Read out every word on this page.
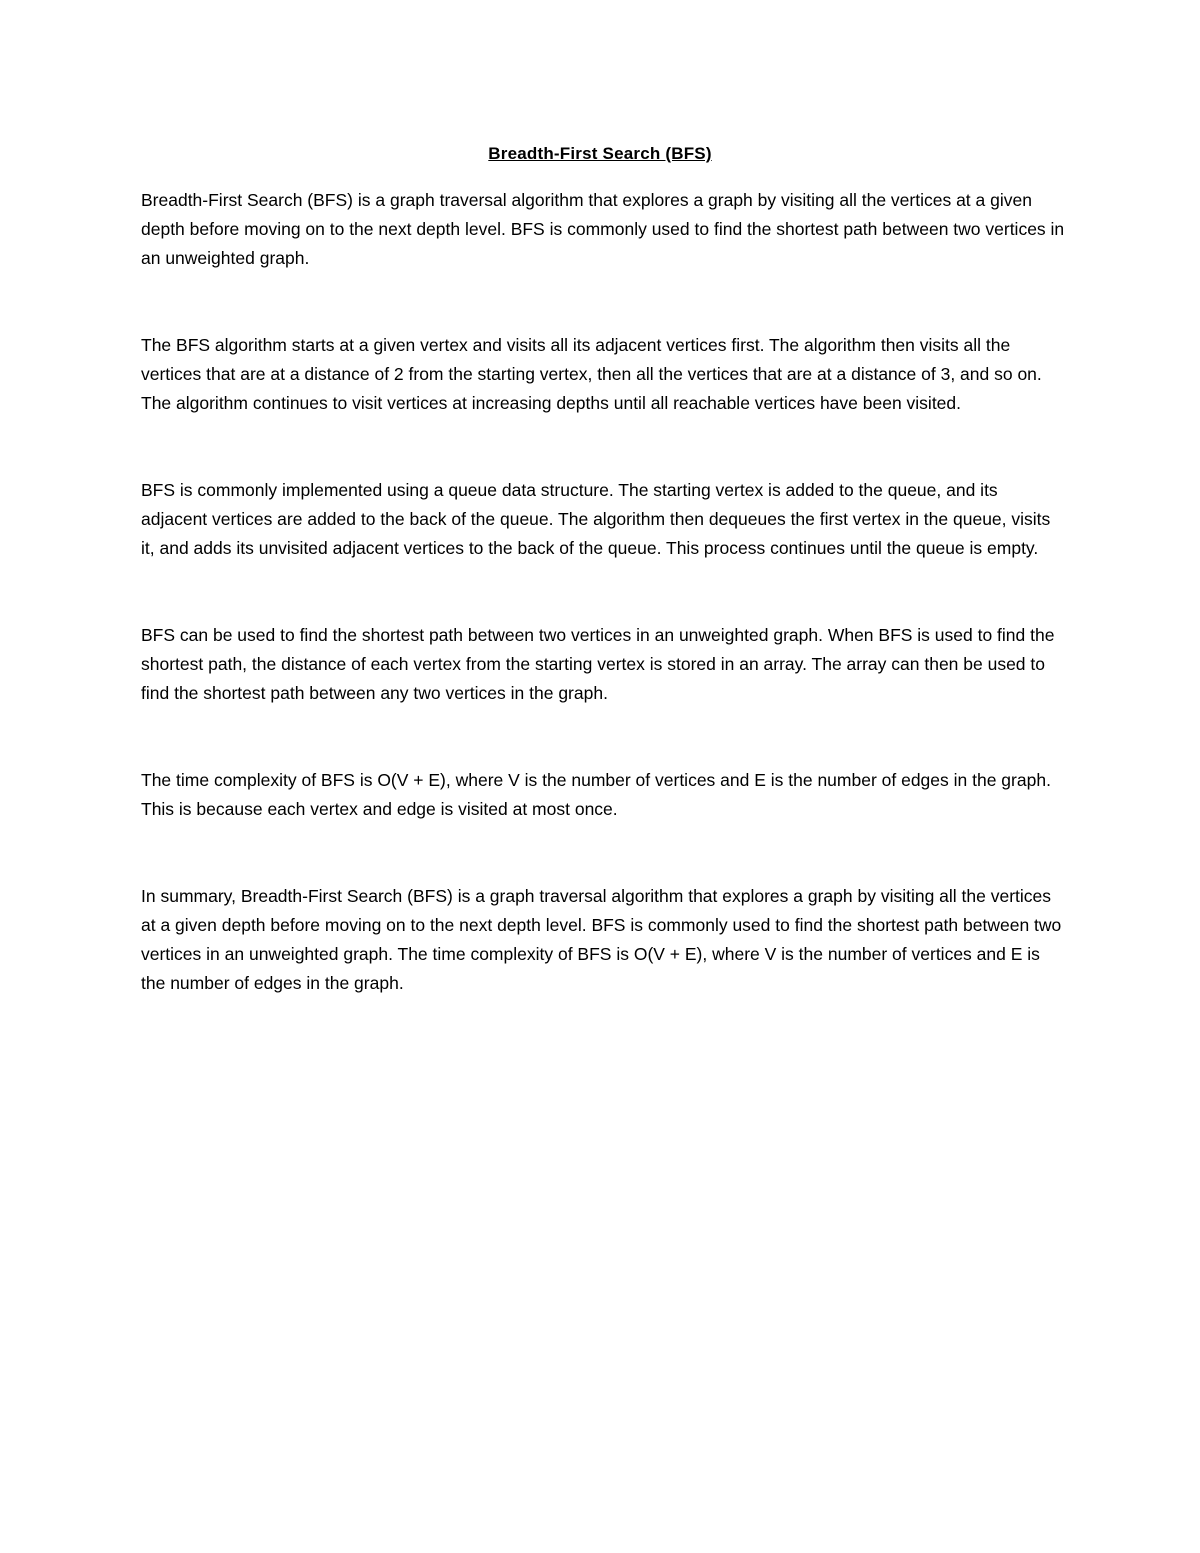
Breadth-First Search (BFS)

Breadth-First Search (BFS) is a graph traversal algorithm that explores a graph by visiting all the vertices at a given depth before moving on to the next depth level. BFS is commonly used to find the shortest path between two vertices in an unweighted graph.

The BFS algorithm starts at a given vertex and visits all its adjacent vertices first. The algorithm then visits all the vertices that are at a distance of 2 from the starting vertex, then all the vertices that are at a distance of 3, and so on. The algorithm continues to visit vertices at increasing depths until all reachable vertices have been visited.

BFS is commonly implemented using a queue data structure. The starting vertex is added to the queue, and its adjacent vertices are added to the back of the queue. The algorithm then dequeues the first vertex in the queue, visits it, and adds its unvisited adjacent vertices to the back of the queue. This process continues until the queue is empty.

BFS can be used to find the shortest path between two vertices in an unweighted graph. When BFS is used to find the shortest path, the distance of each vertex from the starting vertex is stored in an array. The array can then be used to find the shortest path between any two vertices in the graph.

The time complexity of BFS is O(V + E), where V is the number of vertices and E is the number of edges in the graph. This is because each vertex and edge is visited at most once.

In summary, Breadth-First Search (BFS) is a graph traversal algorithm that explores a graph by visiting all the vertices at a given depth before moving on to the next depth level. BFS is commonly used to find the shortest path between two vertices in an unweighted graph. The time complexity of BFS is O(V + E), where V is the number of vertices and E is the number of edges in the graph.
